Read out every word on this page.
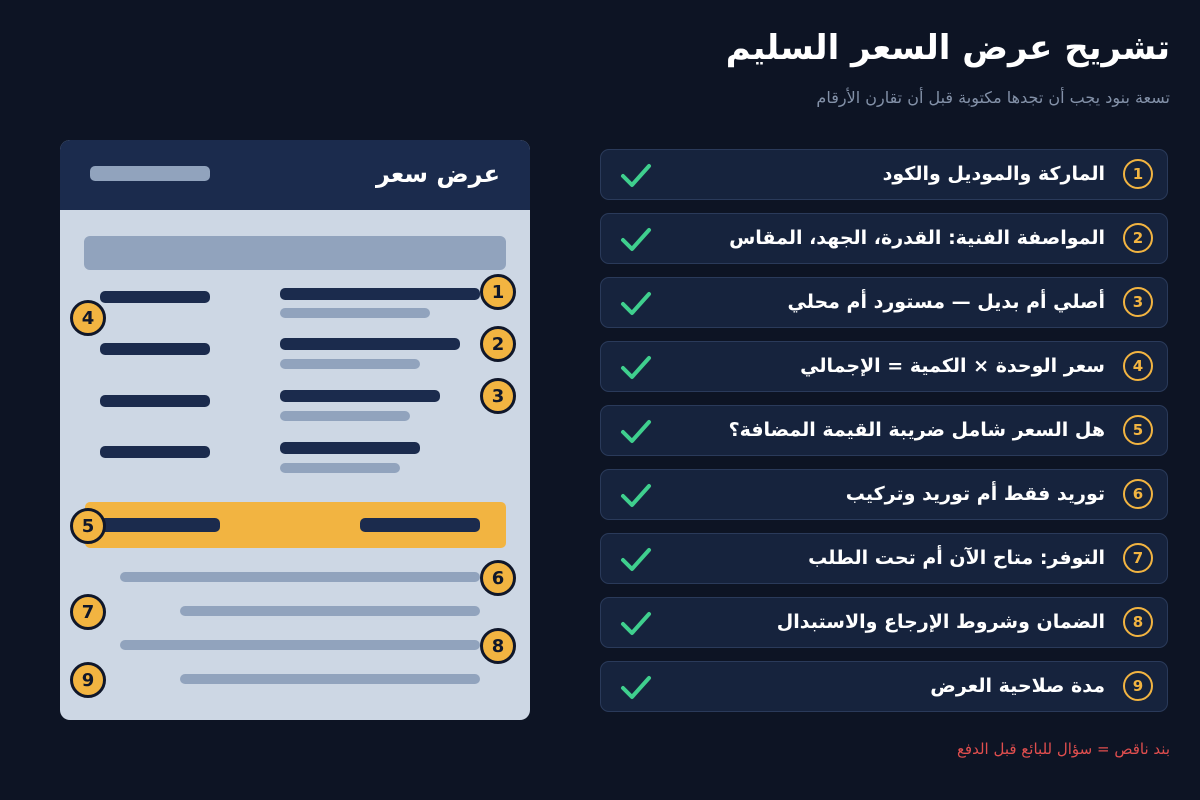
تشريح عرض السعر السليم

تسعة بنود يجب أن تجدها مكتوبة قبل أن تقارن الأرقام

عرض سعر
1
2
3
4
5
6
7
8
9
1
الماركة والموديل والكود
2
المواصفة الفنية: القدرة، الجهد، المقاس
3
أصلي أم بديل — مستورد أم محلي
4
سعر الوحدة × الكمية = الإجمالي
5
هل السعر شامل ضريبة القيمة المضافة؟
6
توريد فقط أم توريد وتركيب
7
التوفر: متاح الآن أم تحت الطلب
8
الضمان وشروط الإرجاع والاستبدال
9
مدة صلاحية العرض

بند ناقص = سؤال للبائع قبل الدفع
